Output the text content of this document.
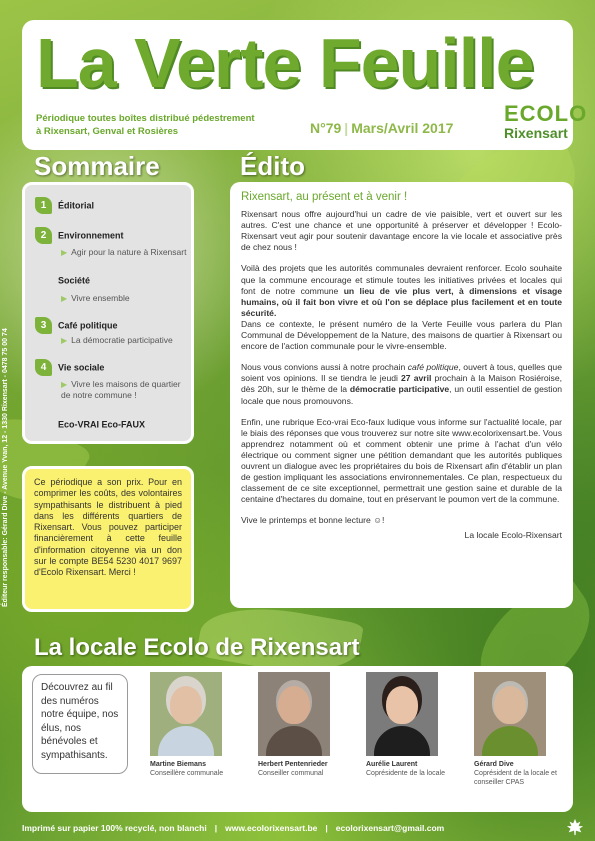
La Verte Feuille
Périodique toutes boîtes distribué pédestrement
à Rixensart, Genval et Rosières	N°79 | Mars/Avril 2017
ECOLO
Rixensart
Sommaire
1 Éditorial
2 Environnement
▶ Agir pour la nature à Rixensart
Société
▶ Vivre ensemble
3 Café politique
▶ La démocratie participative
4 Vie sociale
▶ Vivre les maisons de quartier de notre commune !
Eco-VRAI Eco-FAUX
Ce périodique a son prix. Pour en comprimer les coûts, des volontaires sympathisants le distribuent à pied dans les différents quartiers de Rixensart. Vous pouvez participer financièrement à cette feuille d'information citoyenne via un don sur le compte BE54 5230 4017 9697 d'Ecolo Rixensart. Merci !
Éditeur responsable: Gérard Dive - Avenue Yvan, 12 - 1330 Rixensart - 0478 75 00 74
Édito
Rixensart, au présent et à venir !

Rixensart nous offre aujourd'hui un cadre de vie paisible, vert et ouvert sur les autres. C'est une chance et une opportunité à préserver et développer ! Ecolo-Rixensart veut agir pour soutenir davantage encore la vie locale et associative près de chez nous !

Voilà des projets que les autorités communales devraient renforcer. Ecolo souhaite que la commune encourage et stimule toutes les initiatives privées et locales qui font de notre commune un lieu de vie plus vert, à dimensions et visage humains, où il fait bon vivre et où l'on se déplace plus facilement et en toute sécurité.
Dans ce contexte, le présent numéro de la Verte Feuille vous parlera du Plan Communal de Développement de la Nature, des maisons de quartier à Rixensart ou encore de l'action communale pour le vivre-ensemble.

Nous vous convions aussi à notre prochain café politique, ouvert à tous, quelles que soient vos opinions. Il se tiendra le jeudi 27 avril prochain à la Maison Rosiéroise, dès 20h, sur le thème de la démocratie participative, un outil essentiel de gestion locale que nous promouvons.

Enfin, une rubrique Eco-vrai Eco-faux ludique vous informe sur l'actualité locale, par le biais des réponses que vous trouverez sur notre site www.ecolorixensart.be. Vous apprendrez notamment où et comment obtenir une prime à l'achat d'un vélo électrique ou comment signer une pétition demandant que les autorités publiques ouvrent un dialogue avec les propriétaires du bois de Rixensart afin d'établir un plan de gestion impliquant les associations environnementales. Ce plan, respectueux du classement de ce site exceptionnel, permettrait une gestion saine et durable de la centaine d'hectares du domaine, tout en préservant le poumon vert de la commune.

Vive le printemps et bonne lecture ☺!

La locale Ecolo-Rixensart

La locale Ecolo de Rixensart
Découvrez au fil des numéros notre équipe, nos élus, nos bénévoles et sympathisants.
Martine Biemans
Conseillère communale
Herbert Pentenrieder
Conseiller communal
Aurélie Laurent
Coprésidente de la locale
Gérard Dive
Coprésident de la locale et conseiller CPAS
Imprimé sur papier 100% recyclé, non blanchi | www.ecolorixensart.be | ecolorixensart@gmail.com
